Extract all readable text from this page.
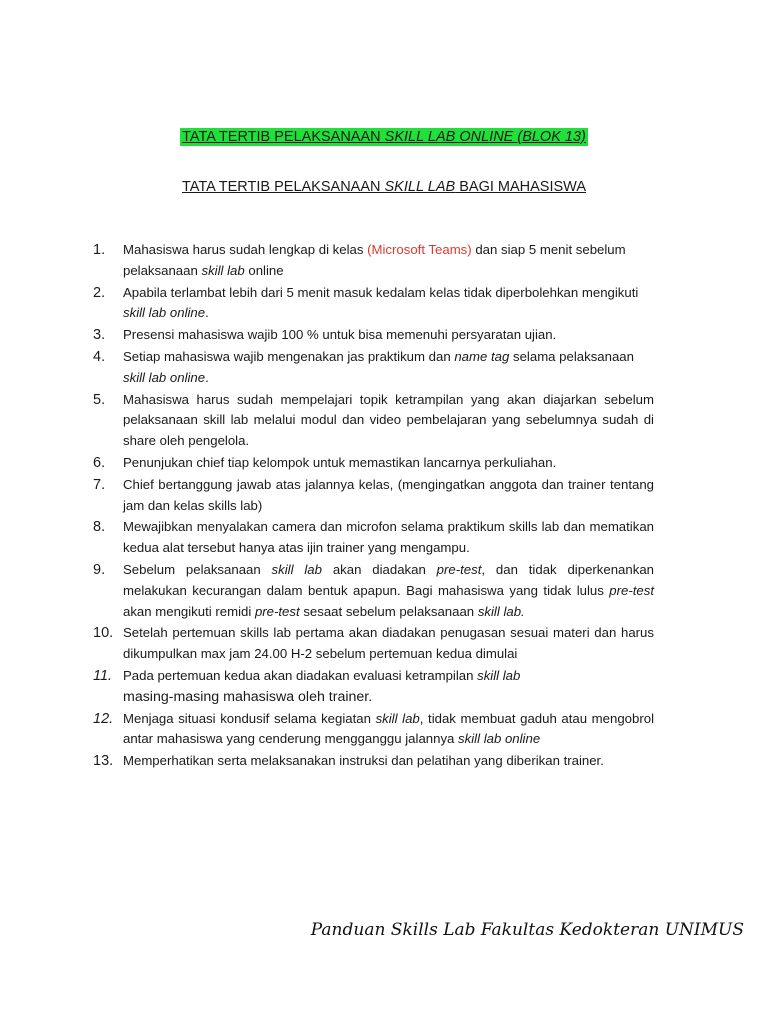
TATA TERTIB PELAKSANAAN SKILL LAB ONLINE (BLOK 13)
TATA TERTIB PELAKSANAAN SKILL LAB BAGI MAHASISWA
1. Mahasiswa harus sudah lengkap di kelas (Microsoft Teams) dan siap 5 menit sebelum pelaksanaan skill lab online
2. Apabila terlambat lebih dari 5 menit masuk kedalam kelas tidak diperbolehkan mengikuti skill lab online.
3. Presensi mahasiswa wajib 100 % untuk bisa memenuhi persyaratan ujian.
4. Setiap mahasiswa wajib mengenakan jas praktikum dan name tag selama pelaksanaan skill lab online.
5. Mahasiswa harus sudah mempelajari topik ketrampilan yang akan diajarkan sebelum pelaksanaan skill lab melalui modul dan video pembelajaran yang sebelumnya sudah di share oleh pengelola.
6. Penunjukan chief tiap kelompok untuk memastikan lancarnya perkuliahan.
7. Chief bertanggung jawab atas jalannya kelas, (mengingatkan anggota dan trainer tentang jam dan kelas skills lab)
8. Mewajibkan menyalakan camera dan microfon selama praktikum skills lab dan mematikan kedua alat tersebut hanya atas ijin trainer yang mengampu.
9. Sebelum pelaksanaan skill lab akan diadakan pre-test, dan tidak diperkenankan melakukan kecurangan dalam bentuk apapun. Bagi mahasiswa yang tidak lulus pre-test akan mengikuti remidi pre-test sesaat sebelum pelaksanaan skill lab.
10. Setelah pertemuan skills lab pertama akan diadakan penugasan sesuai materi dan harus dikumpulkan max jam 24.00 H-2 sebelum pertemuan kedua dimulai
11. Pada pertemuan kedua akan diadakan evaluasi ketrampilan skill lab
masing-masing mahasiswa oleh trainer.
12. Menjaga situasi kondusif selama kegiatan skill lab, tidak membuat gaduh atau mengobrol antar mahasiswa yang cenderung mengganggu jalannya skill lab online
13. Memperhatikan serta melaksanakan instruksi dan pelatihan yang diberikan trainer.
Panduan Skills Lab Fakultas Kedokteran UNIMUS
